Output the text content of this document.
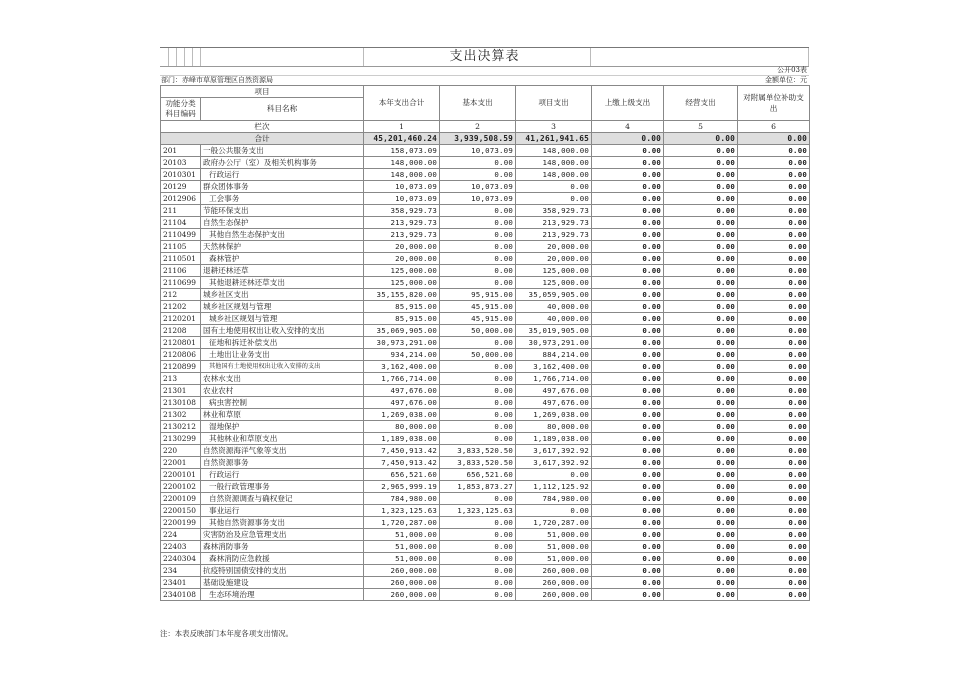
支出决算表
公开03表
部门：赤峰市草原管理区自然资源局	金额单位：元
项目		本年支出合计	基本支出	项目支出	上缴上级支出	经营支出	对附属单位补助支出
功能分类科目编码	科目名称						

栏次		1	2	3	4	5	6
合计		45,201,460.24	3,939,508.59	41,261,941.65	0.00	0.00	0.00
201	一般公共服务支出	158,073.09	10,073.09	148,000.00	0.00	0.00	0.00
20103	政府办公厅（室）及相关机构事务	148,000.00	0.00	148,000.00	0.00	0.00	0.00
2010301	行政运行	148,000.00	0.00	148,000.00	0.00	0.00	0.00
20129	群众团体事务	10,073.09	10,073.09	0.00	0.00	0.00	0.00
2012906	工会事务	10,073.09	10,073.09	0.00	0.00	0.00	0.00
211	节能环保支出	358,929.73	0.00	358,929.73	0.00	0.00	0.00
21104	自然生态保护	213,929.73	0.00	213,929.73	0.00	0.00	0.00
2110499	其他自然生态保护支出	213,929.73	0.00	213,929.73	0.00	0.00	0.00
21105	天然林保护	20,000.00	0.00	20,000.00	0.00	0.00	0.00
2110501	森林管护	20,000.00	0.00	20,000.00	0.00	0.00	0.00
21106	退耕还林还草	125,000.00	0.00	125,000.00	0.00	0.00	0.00
2110699	其他退耕还林还草支出	125,000.00	0.00	125,000.00	0.00	0.00	0.00
212	城乡社区支出	35,155,820.00	95,915.00	35,059,905.00	0.00	0.00	0.00
21202	城乡社区规划与管理	85,915.00	45,915.00	40,000.00	0.00	0.00	0.00
2120201	城乡社区规划与管理	85,915.00	45,915.00	40,000.00	0.00	0.00	0.00
21208	国有土地使用权出让收入安排的支出	35,069,905.00	50,000.00	35,019,905.00	0.00	0.00	0.00
2120801	征地和拆迁补偿支出	30,973,291.00	0.00	30,973,291.00	0.00	0.00	0.00
2120806	土地出让业务支出	934,214.00	50,000.00	884,214.00	0.00	0.00	0.00
2120899	其他国有土地使用权出让收入安排的支出	3,162,400.00	0.00	3,162,400.00	0.00	0.00	0.00
213	农林水支出	1,766,714.00	0.00	1,766,714.00	0.00	0.00	0.00
21301	农业农村	497,676.00	0.00	497,676.00	0.00	0.00	0.00
2130108	病虫害控制	497,676.00	0.00	497,676.00	0.00	0.00	0.00
21302	林业和草原	1,269,038.00	0.00	1,269,038.00	0.00	0.00	0.00
2130212	湿地保护	80,000.00	0.00	80,000.00	0.00	0.00	0.00
2130299	其他林业和草原支出	1,189,038.00	0.00	1,189,038.00	0.00	0.00	0.00
220	自然资源海洋气象等支出	7,450,913.42	3,833,520.50	3,617,392.92	0.00	0.00	0.00
22001	自然资源事务	7,450,913.42	3,833,520.50	3,617,392.92	0.00	0.00	0.00
2200101	行政运行	656,521.60	656,521.60	0.00	0.00	0.00	0.00
2200102	一般行政管理事务	2,965,999.19	1,853,873.27	1,112,125.92	0.00	0.00	0.00
2200109	自然资源调查与确权登记	784,980.00	0.00	784,980.00	0.00	0.00	0.00
2200150	事业运行	1,323,125.63	1,323,125.63	0.00	0.00	0.00	0.00
2200199	其他自然资源事务支出	1,720,287.00	0.00	1,720,287.00	0.00	0.00	0.00
224	灾害防治及应急管理支出	51,000.00	0.00	51,000.00	0.00	0.00	0.00
22403	森林消防事务	51,000.00	0.00	51,000.00	0.00	0.00	0.00
2240304	森林消防应急救援	51,000.00	0.00	51,000.00	0.00	0.00	0.00
234	抗疫特别国债安排的支出	260,000.00	0.00	260,000.00	0.00	0.00	0.00
23401	基础设施建设	260,000.00	0.00	260,000.00	0.00	0.00	0.00
2340108	生态环境治理	260,000.00	0.00	260,000.00	0.00	0.00	0.00
注：本表反映部门本年度各项支出情况。
